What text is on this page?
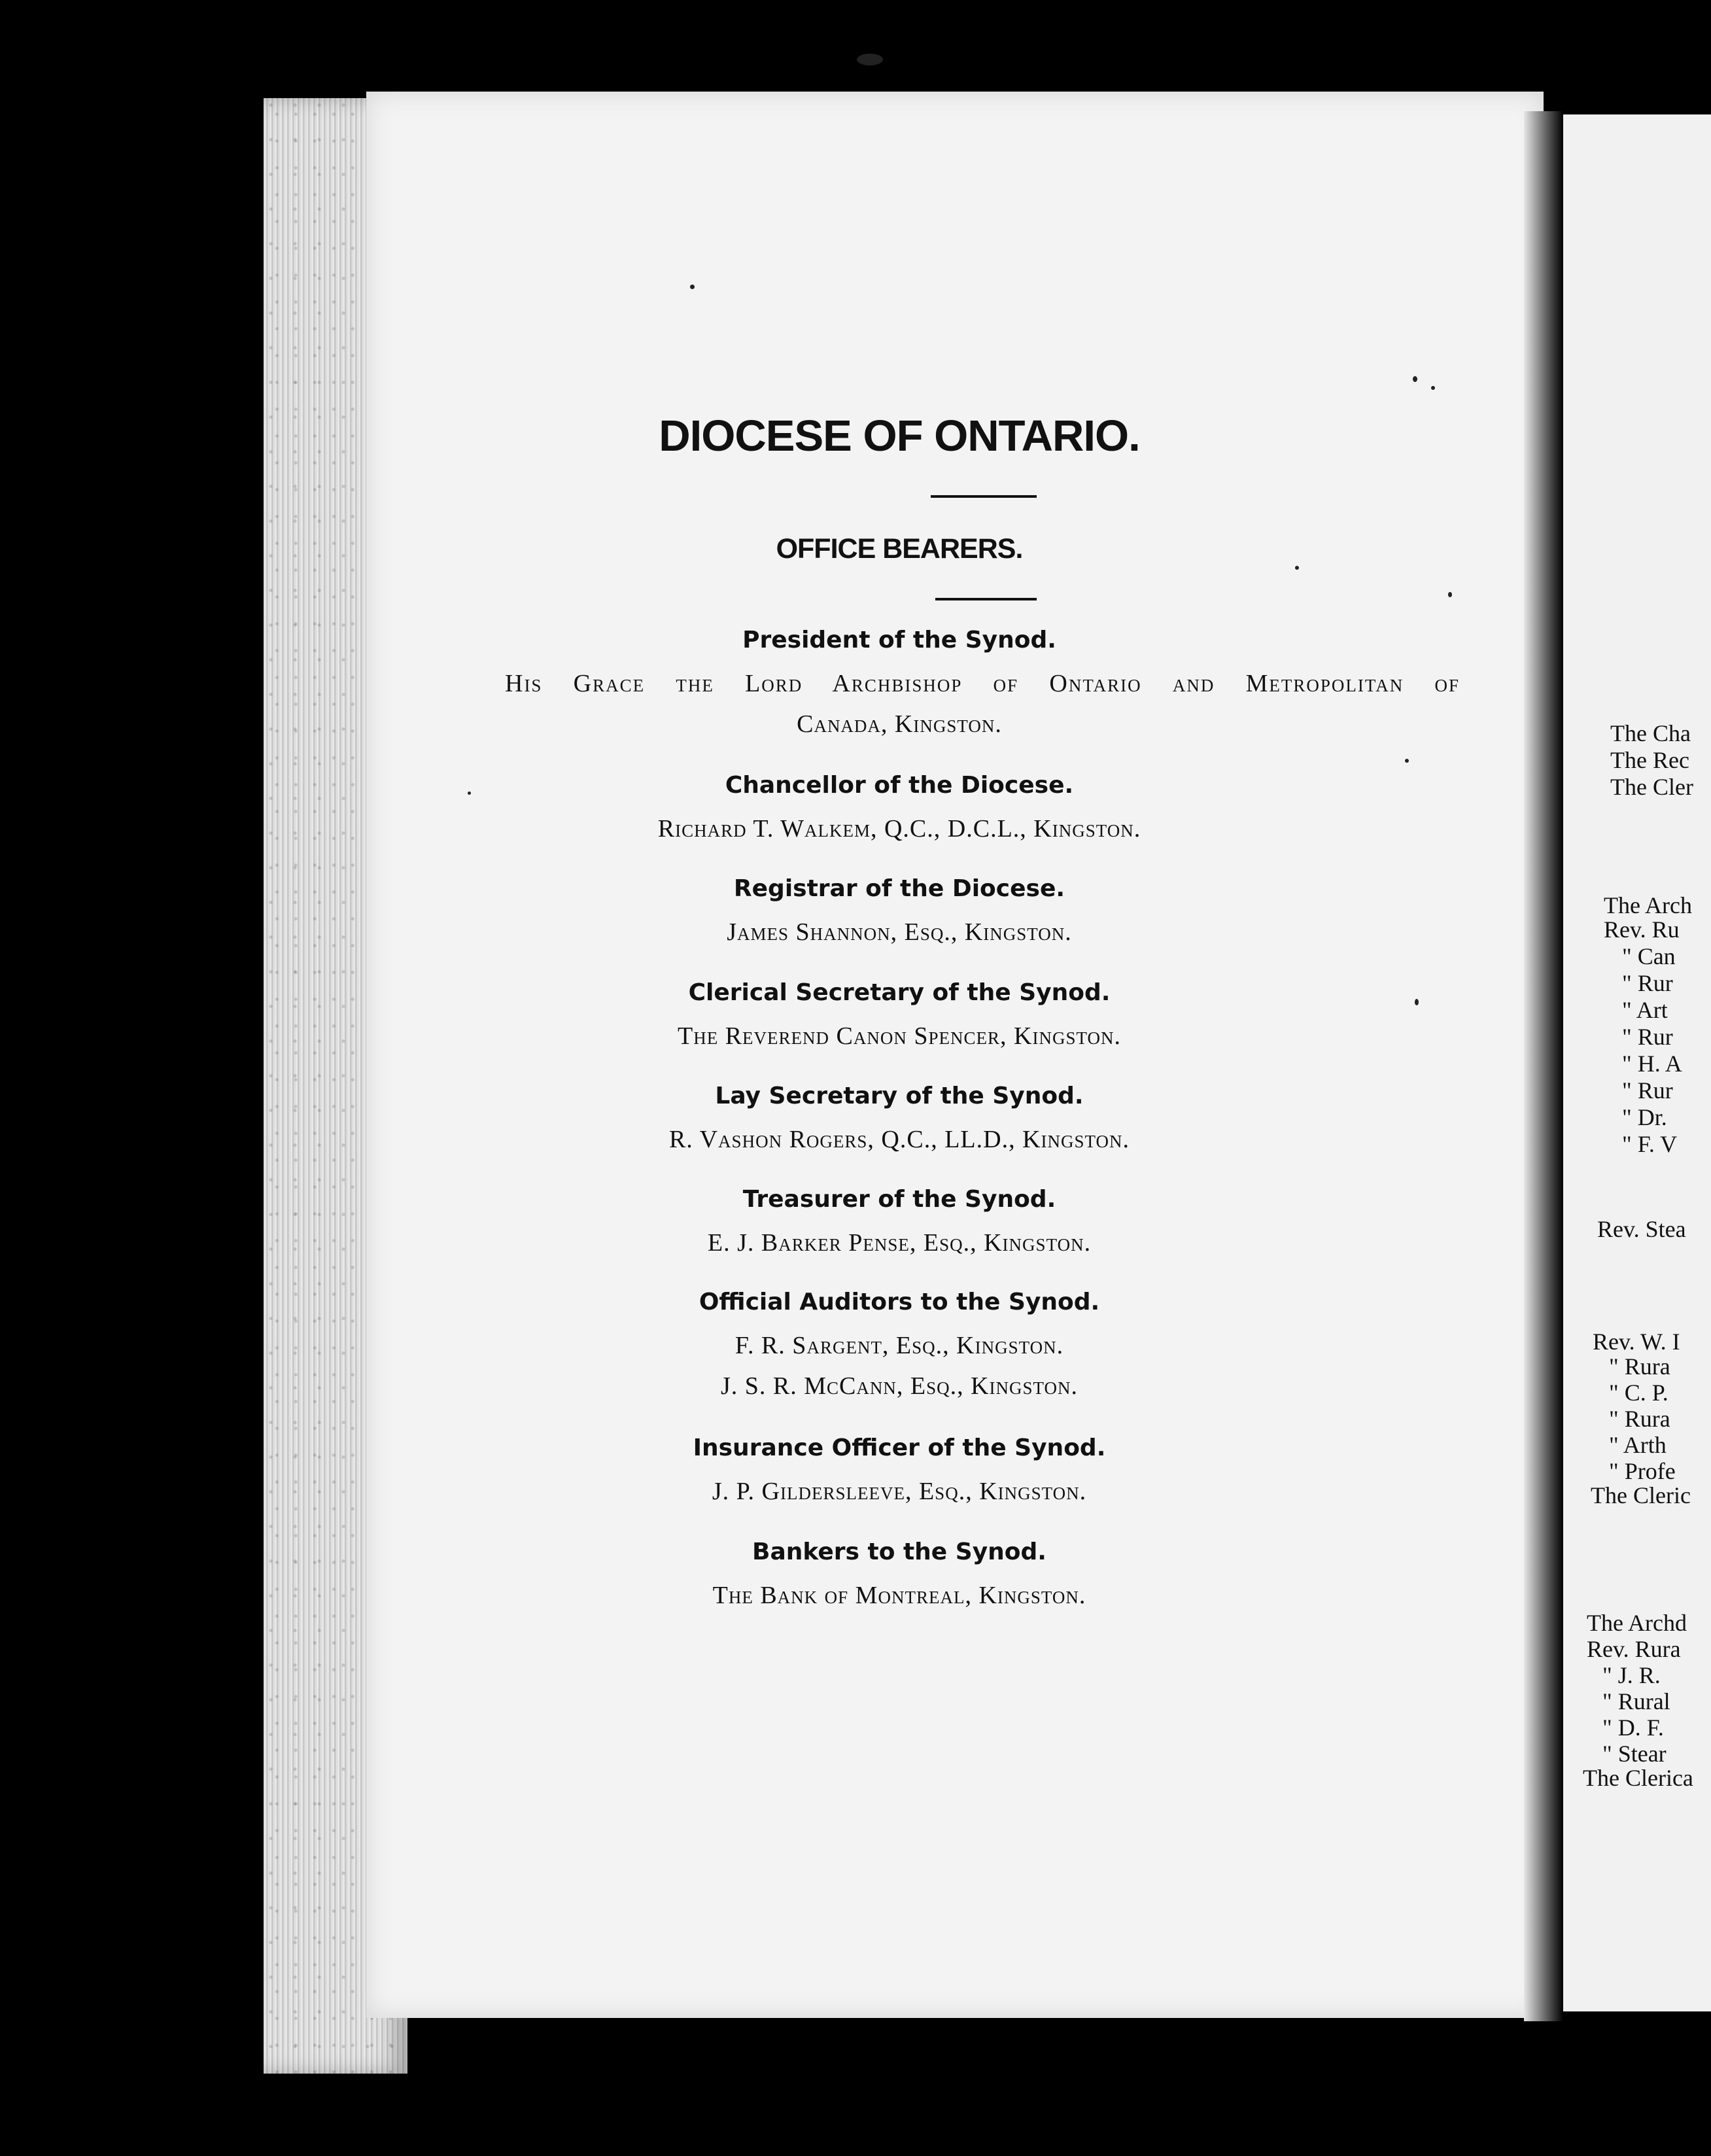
The Cha
The Rec
The Cler
The Arch
Rev. Ru
" Can
" Rur
" Art
" Rur
" H. A
" Rur
" Dr.
" F. V
Rev. Stea
Rev. W. I
" Rura
" C. P.
" Rura
" Arth
" Profe
The Cleric
The Archd
Rev. Rura
" J. R.
" Rural
" D. F.
" Stear
The Clerica
DIOCESE OF ONTARIO.
OFFICE BEARERS.
President of the Synod.
His Grace the Lord Archbishop of Ontario and Metropolitan of
Canada, Kingston.
Chancellor of the Diocese.
Richard T. Walkem, Q.C., D.C.L., Kingston.
Registrar of the Diocese.
James Shannon, Esq., Kingston.
Clerical Secretary of the Synod.
The Reverend Canon Spencer, Kingston.
Lay Secretary of the Synod.
R. Vashon Rogers, Q.C., LL.D., Kingston.
Treasurer of the Synod.
E. J. Barker Pense, Esq., Kingston.
Official Auditors to the Synod.
F. R. Sargent, Esq., Kingston.
J. S. R. McCann, Esq., Kingston.
Insurance Officer of the Synod.
J. P. Gildersleeve, Esq., Kingston.
Bankers to the Synod.
The Bank of Montreal, Kingston.
